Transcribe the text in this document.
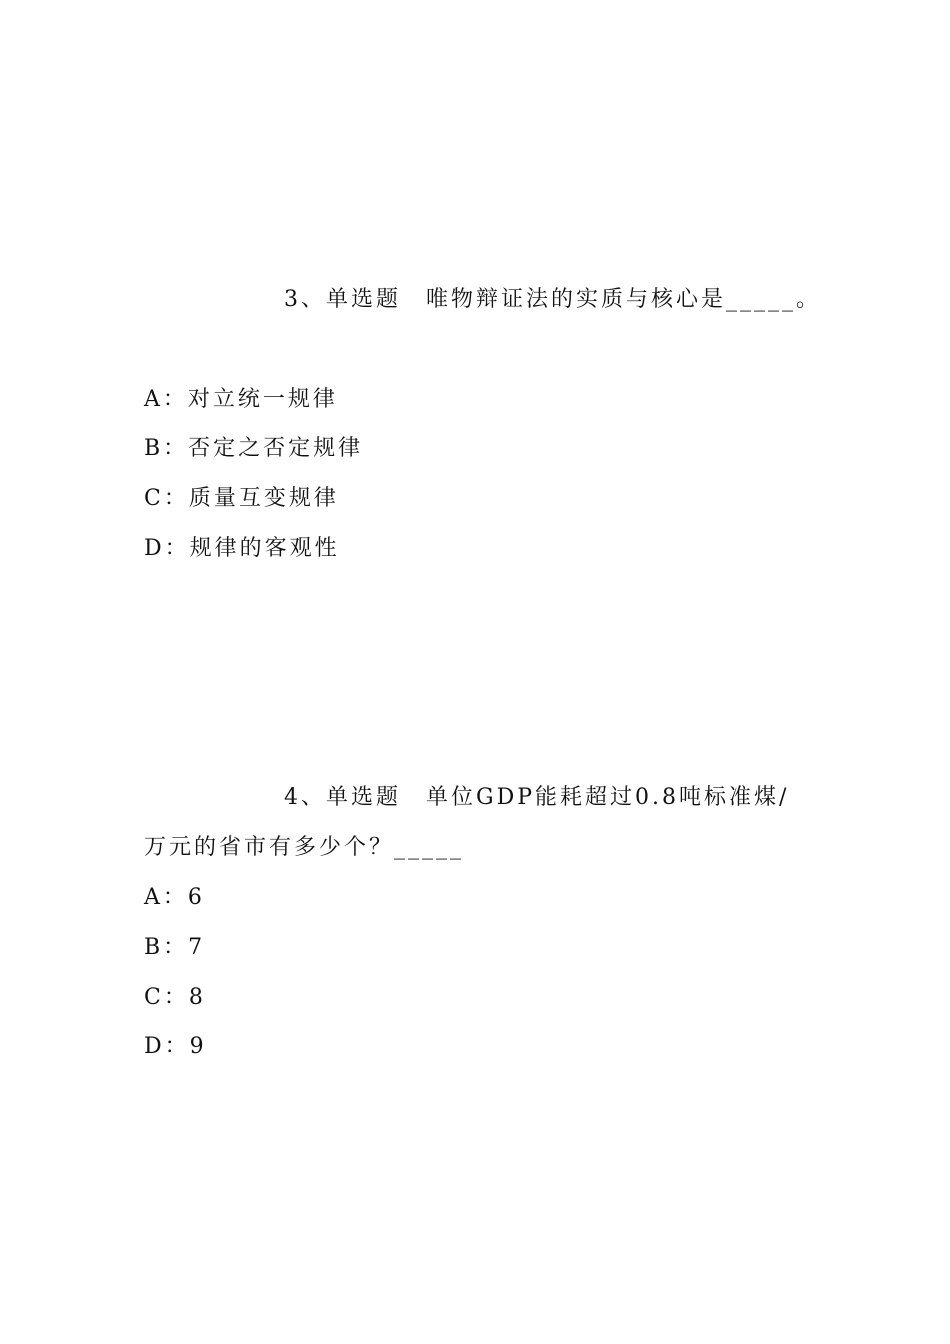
3、单选题　唯物辩证法的实质与核心是_____。
A：对立统一规律
B：否定之否定规律
C：质量互变规律
D：规律的客观性
4、单选题　单位GDP能耗超过0.8吨标准煤/
万元的省市有多少个？_____
A：6
B：7
C：8
D：9
